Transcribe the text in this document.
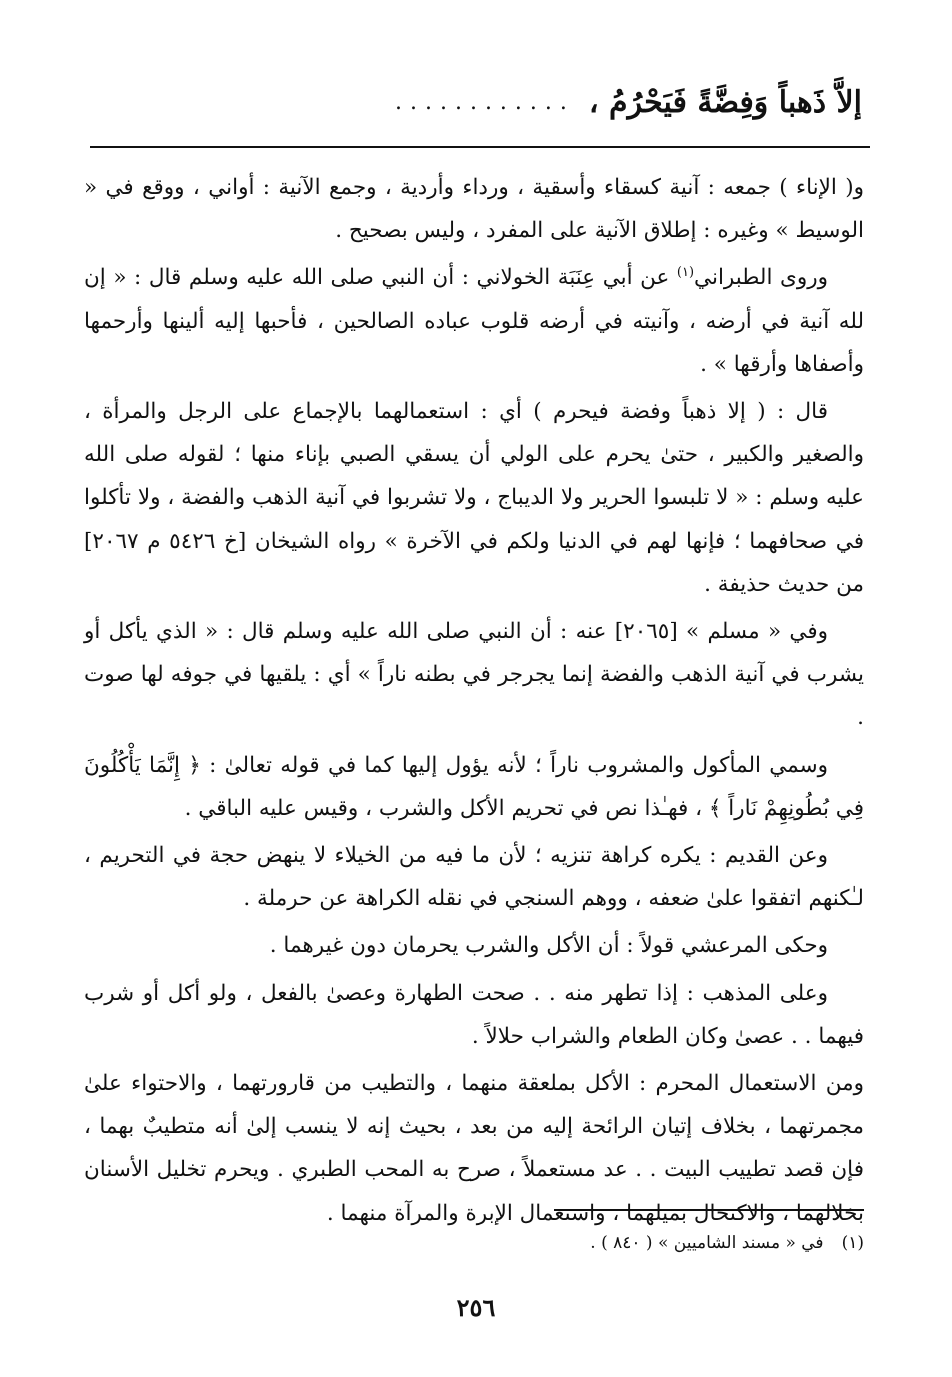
إلاَّ ذَهباً وَفِضَّةً فَيَحْرُمُ ،
............

و( الإناء ) جمعه : آنية كسقاء وأسقية ، ورداء وأردية ، وجمع الآنية : أواني ، ووقع في « الوسيط » وغيره : إطلاق الآنية على المفرد ، وليس بصحيح .

وروى الطبراني$^{(١)}$ عن أبي عِنَبَة الخولاني : أن النبي صلى الله عليه وسلم قال : « إن لله آنية في أرضه ، وآنيته في أرضه قلوب عباده الصالحين ، فأحبها إليه ألينها وأرحمها وأصفاها وأرقها » .

قال : ( إلا ذهباً وفضة فيحرم ) أي : استعمالهما بالإجماع على الرجل والمرأة ، والصغير والكبير ، حتىٰ يحرم على الولي أن يسقي الصبي بإناء منها ؛ لقوله صلى الله عليه وسلم : « لا تلبسوا الحرير ولا الديباج ، ولا تشربوا في آنية الذهب والفضة ، ولا تأكلوا في صحافهما ؛ فإنها لهم في الدنيا ولكم في الآخرة » رواه الشيخان [خ ٥٤٢٦ م ٢٠٦٧] من حديث حذيفة .

وفي « مسلم » [٢٠٦٥] عنه : أن النبي صلى الله عليه وسلم قال : « الذي يأكل أو يشرب في آنية الذهب والفضة إنما يجرجر في بطنه ناراً » أي : يلقيها في جوفه لها صوت .

وسمي المأكول والمشروب ناراً ؛ لأنه يؤول إليها كما في قوله تعالىٰ : ﴿ إِنَّمَا يَأْكُلُونَ فِي بُطُونِهِمْ نَاراً ﴾ ، فهـٰذا نص في تحريم الأكل والشرب ، وقيس عليه الباقي .

وعن القديم : يكره كراهة تنزيه ؛ لأن ما فيه من الخيلاء لا ينهض حجة في التحريم ، لـٰكنهم اتفقوا علىٰ ضعفه ، ووهم السنجي في نقله الكراهة عن حرملة .

وحكى المرعشي قولاً : أن الأكل والشرب يحرمان دون غيرهما .

وعلى المذهب : إذا تطهر منه . . صحت الطهارة وعصىٰ بالفعل ، ولو أكل أو شرب فيهما . . عصىٰ وكان الطعام والشراب حلالاً .

ومن الاستعمال المحرم : الأكل بملعقة منهما ، والتطيب من قارورتهما ، والاحتواء علىٰ مجمرتهما ، بخلاف إتيان الرائحة إليه من بعد ، بحيث إنه لا ينسب إلىٰ أنه متطيبٌ بهما ، فإن قصد تطييب البيت . . عد مستعملاً ، صرح به المحب الطبري . ويحرم تخليل الأسنان بخلالهما ، والاكتحال بميلهما ، واستعمال الإبرة والمرآة منهما .

(١)في « مسند الشاميين » ( ٨٤٠ ) .
٢٥٦
